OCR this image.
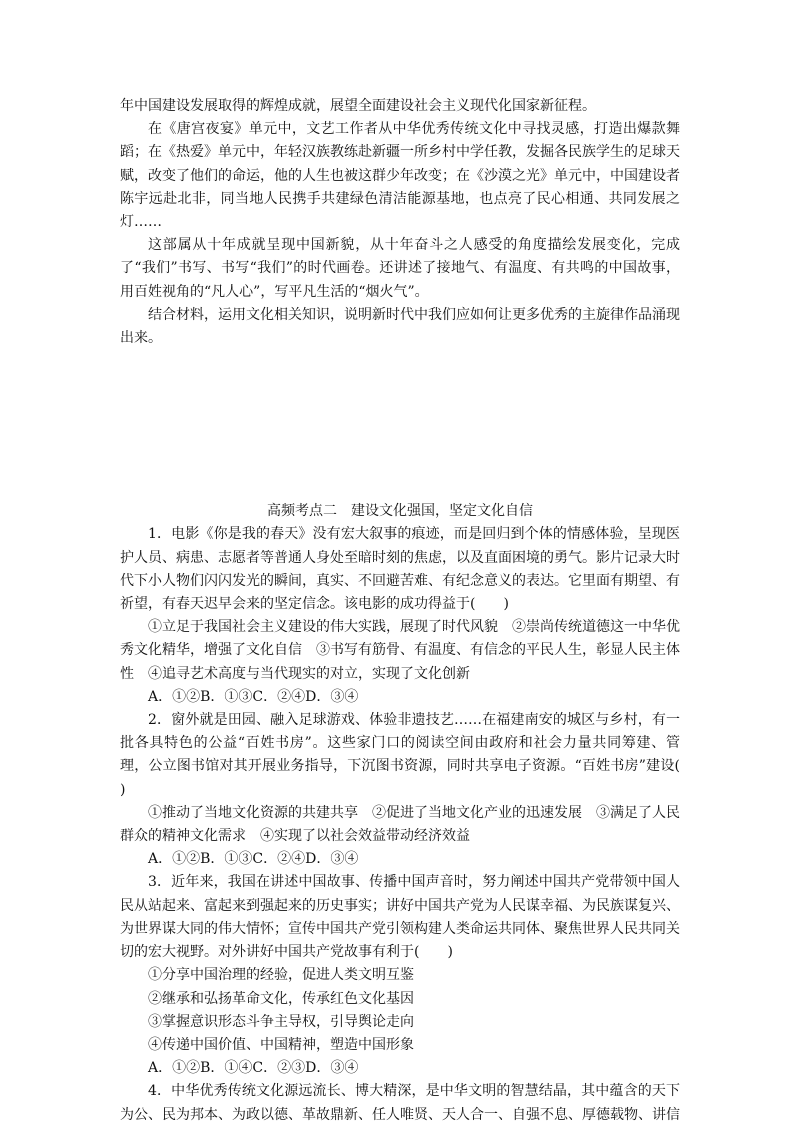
年中国建设发展取得的辉煌成就，展望全面建设社会主义现代化国家新征程。

在《唐宫夜宴》单元中，文艺工作者从中华优秀传统文化中寻找灵感，打造出爆款舞蹈；在《热爱》单元中，年轻汉族教练赴新疆一所乡村中学任教，发掘各民族学生的足球天赋，改变了他们的命运，他的人生也被这群少年改变；在《沙漠之光》单元中，中国建设者陈宇远赴北非，同当地人民携手共建绿色清洁能源基地，也点亮了民心相通、共同发展之灯……

这部属从十年成就呈现中国新貌，从十年奋斗之人感受的角度描绘发展变化，完成了“我们”书写、书写“我们”的时代画卷。还讲述了接地气、有温度、有共鸣的中国故事，用百姓视角的“凡人心”，写平凡生活的“烟火气”。

结合材料，运用文化相关知识，说明新时代中我们应如何让更多优秀的主旋律作品涌现出来。

高频考点二　建设文化强国，坚定文化自信

1．电影《你是我的春天》没有宏大叙事的痕迹，而是回归到个体的情感体验，呈现医护人员、病患、志愿者等普通人身处至暗时刻的焦虑，以及直面困境的勇气。影片记录大时代下小人物们闪闪发光的瞬间，真实、不回避苦难、有纪念意义的表达。它里面有期望、有祈望，有春天迟早会来的坚定信念。该电影的成功得益于(　　)

①立足于我国社会主义建设的伟大实践，展现了时代风貌　②崇尚传统道德这一中华优秀文化精华，增强了文化自信　③书写有筋骨、有温度、有信念的平民人生，彰显人民主体性　④追寻艺术高度与当代现实的对立，实现了文化创新

A．①②B．①③C．②④D．③④

2．窗外就是田园、融入足球游戏、体验非遗技艺……在福建南安的城区与乡村，有一批各具特色的公益“百姓书房”。这些家门口的阅读空间由政府和社会力量共同筹建、管理，公立图书馆对其开展业务指导，下沉图书资源，同时共享电子资源。“百姓书房”建设(　　)

①推动了当地文化资源的共建共享　②促进了当地文化产业的迅速发展　③满足了人民群众的精神文化需求　④实现了以社会效益带动经济效益

A．①②B．①③C．②④D．③④

3．近年来，我国在讲述中国故事、传播中国声音时，努力阐述中国共产党带领中国人民从站起来、富起来到强起来的历史事实；讲好中国共产党为人民谋幸福、为民族谋复兴、为世界谋大同的伟大情怀；宣传中国共产党引领构建人类命运共同体、聚焦世界人民共同关切的宏大视野。对外讲好中国共产党故事有利于(　　)

①分享中国治理的经验，促进人类文明互鉴

②继承和弘扬革命文化，传承红色文化基因

③掌握意识形态斗争主导权，引导舆论走向

④传递中国价值、中国精神，塑造中国形象

A．①②B．①④C．②③D．③④

4．中华优秀传统文化源远流长、博大精深，是中华文明的智慧结晶，其中蕴含的天下为公、民为邦本、为政以德、革故鼎新、任人唯贤、天人合一、自强不息、厚德载物、讲信
